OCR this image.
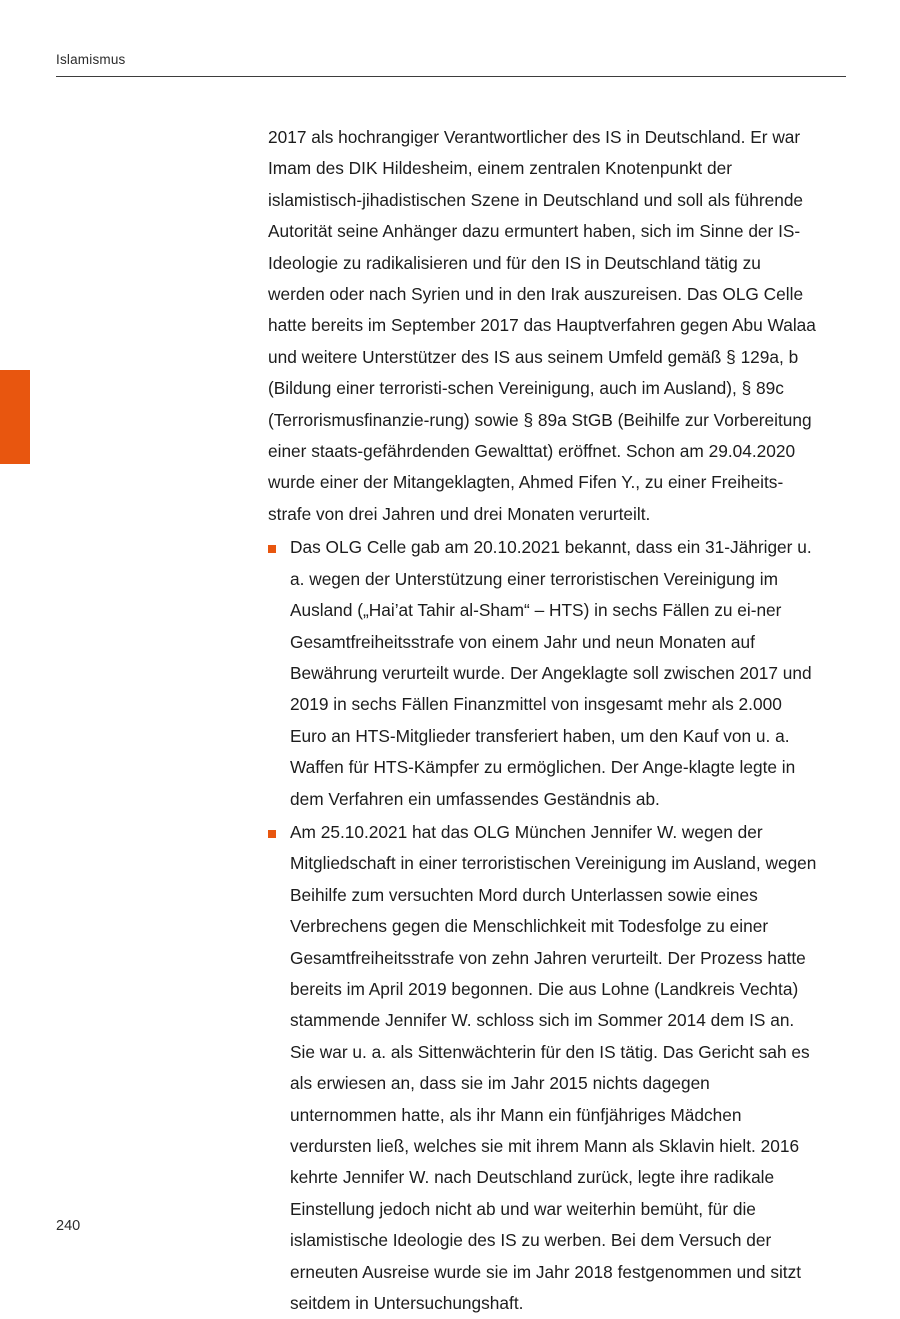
Islamismus

2017 als hochrangiger Verantwortlicher des IS in Deutschland. Er war Imam des DIK Hildesheim, einem zentralen Knotenpunkt der islamistisch-jihadistischen Szene in Deutschland und soll als führende Autorität seine Anhänger dazu ermuntert haben, sich im Sinne der IS-Ideologie zu radikalisieren und für den IS in Deutschland tätig zu werden oder nach Syrien und in den Irak auszureisen. Das OLG Celle hatte bereits im September 2017 das Hauptverfahren gegen Abu Walaa und weitere Unterstützer des IS aus seinem Umfeld gemäß § 129a, b (Bildung einer terroristi-schen Vereinigung, auch im Ausland), § 89c (Terrorismusfinanzie-rung) sowie § 89a StGB (Beihilfe zur Vorbereitung einer staats-gefährdenden Gewalttat) eröffnet. Schon am 29.04.2020 wurde einer der Mitangeklagten, Ahmed Fifen Y., zu einer Freiheits-strafe von drei Jahren und drei Monaten verurteilt.

Das OLG Celle gab am 20.10.2021 bekannt, dass ein 31-Jähriger u. a. wegen der Unterstützung einer terroristischen Vereinigung im Ausland („Hai’at Tahir al-Sham“ – HTS) in sechs Fällen zu ei-ner Gesamtfreiheitsstrafe von einem Jahr und neun Monaten auf Bewährung verurteilt wurde. Der Angeklagte soll zwischen 2017 und 2019 in sechs Fällen Finanzmittel von insgesamt mehr als 2.000 Euro an HTS-Mitglieder transferiert haben, um den Kauf von u. a. Waffen für HTS-Kämpfer zu ermöglichen. Der Ange-klagte legte in dem Verfahren ein umfassendes Geständnis ab.
Am 25.10.2021 hat das OLG München Jennifer W. wegen der Mitgliedschaft in einer terroristischen Vereinigung im Ausland, wegen Beihilfe zum versuchten Mord durch Unterlassen sowie eines Verbrechens gegen die Menschlichkeit mit Todesfolge zu einer Gesamtfreiheitsstrafe von zehn Jahren verurteilt. Der Prozess hatte bereits im April 2019 begonnen. Die aus Lohne (Landkreis Vechta) stammende Jennifer W. schloss sich im Sommer 2014 dem IS an. Sie war u. a. als Sittenwächterin für den IS tätig. Das Gericht sah es als erwiesen an, dass sie im Jahr 2015 nichts dagegen unternommen hatte, als ihr Mann ein fünfjähriges Mädchen verdursten ließ, welches sie mit ihrem Mann als Sklavin hielt. 2016 kehrte Jennifer W. nach Deutschland zurück, legte ihre radikale Einstellung jedoch nicht ab und war weiterhin bemüht, für die islamistische Ideologie des IS zu werben. Bei dem Versuch der erneuten Ausreise wurde sie im Jahr 2018 festgenommen und sitzt seitdem in Untersuchungshaft.
240
